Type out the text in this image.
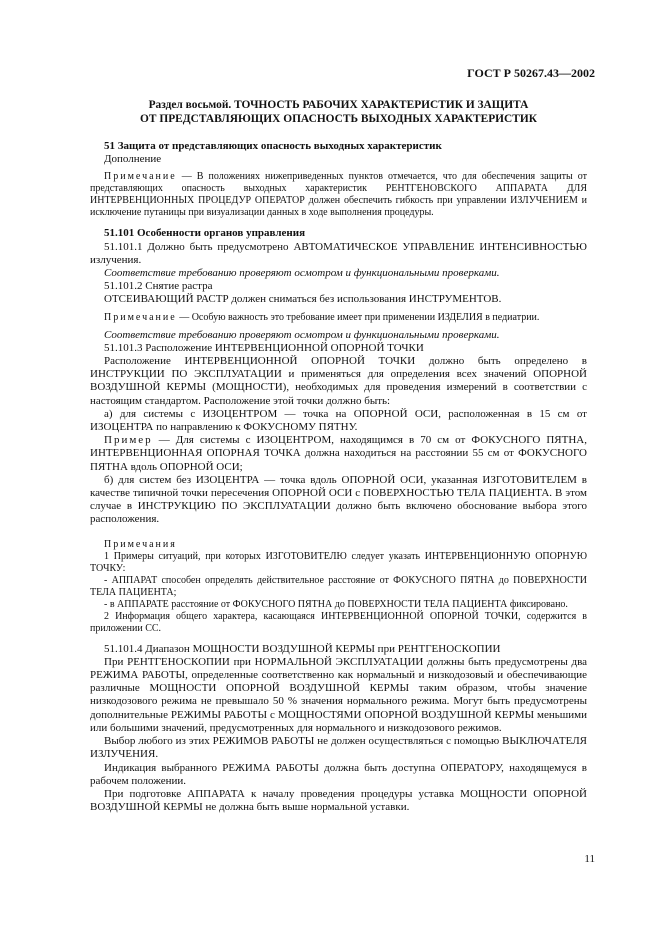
ГОСТ Р 50267.43—2002
Раздел восьмой. ТОЧНОСТЬ РАБОЧИХ ХАРАКТЕРИСТИК И ЗАЩИТА
ОТ ПРЕДСТАВЛЯЮЩИХ ОПАСНОСТЬ ВЫХОДНЫХ ХАРАКТЕРИСТИК

51 Защита от представляющих опасность выходных характеристик

Дополнение

Примечание — В положениях нижеприведенных пунктов отмечается, что для обеспечения защиты от представляющих опасность выходных характеристик РЕНТГЕНОВСКОГО АППАРАТА ДЛЯ ИНТЕРВЕНЦИОННЫХ ПРОЦЕДУР ОПЕРАТОР должен обеспечить гибкость при управлении ИЗЛУЧЕНИЕМ и исключение путаницы при визуализации данных в ходе выполнения процедуры.

51.101 Особенности органов управления

51.101.1 Должно быть предусмотрено АВТОМАТИЧЕСКОЕ УПРАВЛЕНИЕ ИНТЕНСИВНОСТЬЮ излучения.

Соответствие требованию проверяют осмотром и функциональными проверками.

51.101.2 Снятие растра

ОТСЕИВАЮЩИЙ РАСТР должен сниматься без использования ИНСТРУМЕНТОВ.

Примечание — Особую важность это требование имеет при применении ИЗДЕЛИЯ в педиатрии.

Соответствие требованию проверяют осмотром и функциональными проверками.

51.101.3 Расположение ИНТЕРВЕНЦИОННОЙ ОПОРНОЙ ТОЧКИ

Расположение ИНТЕРВЕНЦИОННОЙ ОПОРНОЙ ТОЧКИ должно быть определено в ИНСТРУКЦИИ ПО ЭКСПЛУАТАЦИИ и применяться для определения всех значений ОПОРНОЙ ВОЗДУШНОЙ КЕРМЫ (МОЩНОСТИ), необходимых для проведения измерений в соответствии с настоящим стандартом. Расположение этой точки должно быть:

а) для системы с ИЗОЦЕНТРОМ — точка на ОПОРНОЙ ОСИ, расположенная в 15 см от ИЗОЦЕНТРА по направлению к ФОКУСНОМУ ПЯТНУ.

Пример — Для системы с ИЗОЦЕНТРОМ, находящимся в 70 см от ФОКУСНОГО ПЯТНА, ИНТЕРВЕНЦИОННАЯ ОПОРНАЯ ТОЧКА должна находиться на расстоянии 55 см от ФОКУСНОГО ПЯТНА вдоль ОПОРНОЙ ОСИ;

б) для систем без ИЗОЦЕНТРА — точка вдоль ОПОРНОЙ ОСИ, указанная ИЗГОТОВИТЕЛЕМ в качестве типичной точки пересечения ОПОРНОЙ ОСИ с ПОВЕРХНОСТЬЮ ТЕЛА ПАЦИЕНТА. В этом случае в ИНСТРУКЦИЮ ПО ЭКСПЛУАТАЦИИ должно быть включено обоснование выбора этого расположения.

Примечания

1 Примеры ситуаций, при которых ИЗГОТОВИТЕЛЮ следует указать ИНТЕРВЕНЦИОННУЮ ОПОРНУЮ ТОЧКУ:

- АППАРАТ способен определять действительное расстояние от ФОКУСНОГО ПЯТНА до ПОВЕРХНОСТИ ТЕЛА ПАЦИЕНТА;

- в АППАРАТЕ расстояние от ФОКУСНОГО ПЯТНА до ПОВЕРХНОСТИ ТЕЛА ПАЦИЕНТА фиксировано.

2 Информация общего характера, касающаяся ИНТЕРВЕНЦИОННОЙ ОПОРНОЙ ТОЧКИ, содержится в приложении СС.

51.101.4 Диапазон МОЩНОСТИ ВОЗДУШНОЙ КЕРМЫ при РЕНТГЕНОСКОПИИ

При РЕНТГЕНОСКОПИИ при НОРМАЛЬНОЙ ЭКСПЛУАТАЦИИ должны быть предусмотрены два РЕЖИМА РАБОТЫ, определенные соответственно как нормальный и низкодозовый и обеспечивающие различные МОЩНОСТИ ОПОРНОЙ ВОЗДУШНОЙ КЕРМЫ таким образом, чтобы значение низкодозового режима не превышало 50 % значения нормального режима. Могут быть предусмотрены дополнительные РЕЖИМЫ РАБОТЫ с МОЩНОСТЯМИ ОПОРНОЙ ВОЗДУШНОЙ КЕРМЫ меньшими или большими значений, предусмотренных для нормального и низкодозового режимов.

Выбор любого из этих РЕЖИМОВ РАБОТЫ не должен осуществляться с помощью ВЫКЛЮЧАТЕЛЯ ИЗЛУЧЕНИЯ.

Индикация выбранного РЕЖИМА РАБОТЫ должна быть доступна ОПЕРАТОРУ, находящемуся в рабочем положении.

При подготовке АППАРАТА к началу проведения процедуры уставка МОЩНОСТИ ОПОРНОЙ ВОЗДУШНОЙ КЕРМЫ не должна быть выше нормальной уставки.

11
